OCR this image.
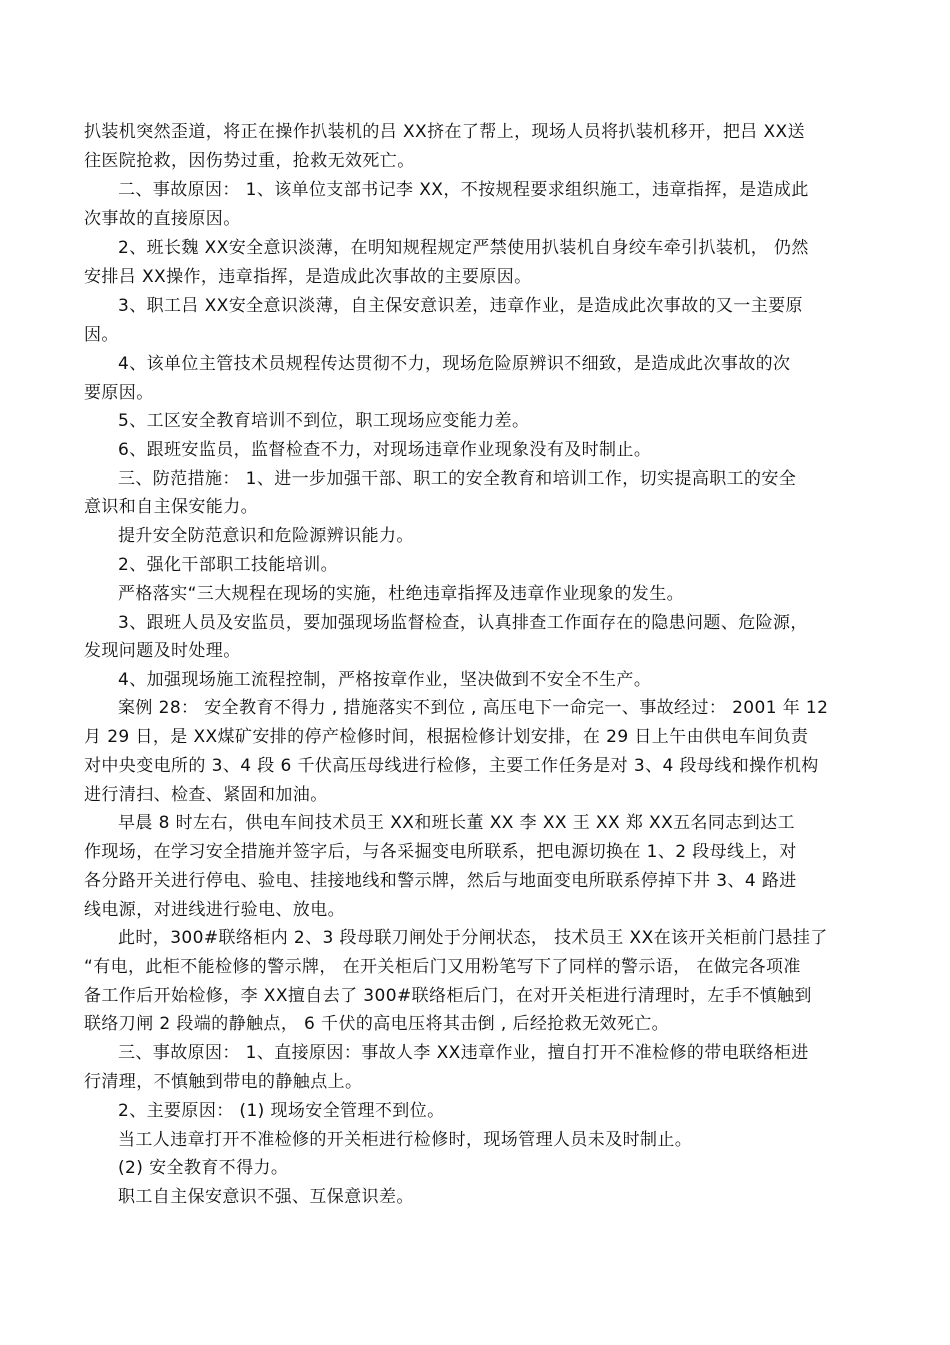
扒装机突然歪道，将正在操作扒装机的吕 XX挤在了帮上，现场人员将扒装机移开，把吕 XX送
往医院抢救，因伤势过重，抢救无效死亡。
二、事故原因： 1、该单位支部书记李 XX，不按规程要求组织施工，违章指挥，是造成此
次事故的直接原因。
2、班长魏 XX安全意识淡薄，在明知规程规定严禁使用扒装机自身绞车牵引扒装机， 仍然
安排吕 XX操作，违章指挥，是造成此次事故的主要原因。
3、职工吕 XX安全意识淡薄，自主保安意识差，违章作业，是造成此次事故的又一主要原
因。
4、该单位主管技术员规程传达贯彻不力，现场危险原辨识不细致，是造成此次事故的次
要原因。
5、工区安全教育培训不到位，职工现场应变能力差。
6、跟班安监员，监督检查不力，对现场违章作业现象没有及时制止。
三、防范措施： 1、进一步加强干部、职工的安全教育和培训工作，切实提高职工的安全
意识和自主保安能力。
提升安全防范意识和危险源辨识能力。
2、强化干部职工技能培训。
严格落实“三大规程在现场的实施，杜绝违章指挥及违章作业现象的发生。
3、跟班人员及安监员，要加强现场监督检查，认真排查工作面存在的隐患问题、危险源，
发现问题及时处理。
4、加强现场施工流程控制，严格按章作业，坚决做到不安全不生产。
案例 28： 安全教育不得力 , 措施落实不到位 , 高压电下一命完一、事故经过： 2001 年 12
月 29 日，是 XX煤矿安排的停产检修时间，根据检修计划安排，在 29 日上午由供电车间负责
对中央变电所的 3、4 段 6 千伏高压母线进行检修，主要工作任务是对 3、4 段母线和操作机构
进行清扫、检查、紧固和加油。
早晨 8 时左右，供电车间技术员王 XX和班长董 XX 李 XX 王 XX 郑 XX五名同志到达工
作现场，在学习安全措施并签字后，与各采掘变电所联系，把电源切换在 1、2 段母线上，对
各分路开关进行停电、验电、挂接地线和警示牌，然后与地面变电所联系停掉下井 3、4 路进
线电源，对进线进行验电、放电。
此时，300#联络柜内 2、3 段母联刀闸处于分闸状态， 技术员王 XX在该开关柜前门悬挂了
“有电，此柜不能检修的警示牌， 在开关柜后门又用粉笔写下了同样的警示语， 在做完各项准
备工作后开始检修，李 XX擅自去了 300#联络柜后门，在对开关柜进行清理时，左手不慎触到
联络刀闸 2 段端的静触点， 6 千伏的高电压将其击倒 , 后经抢救无效死亡。
三、事故原因： 1、直接原因：事故人李 XX违章作业，擅自打开不准检修的带电联络柜进
行清理，不慎触到带电的静触点上。
2、主要原因： (1) 现场安全管理不到位。
当工人违章打开不准检修的开关柜进行检修时，现场管理人员未及时制止。
(2) 安全教育不得力。
职工自主保安意识不强、互保意识差。
